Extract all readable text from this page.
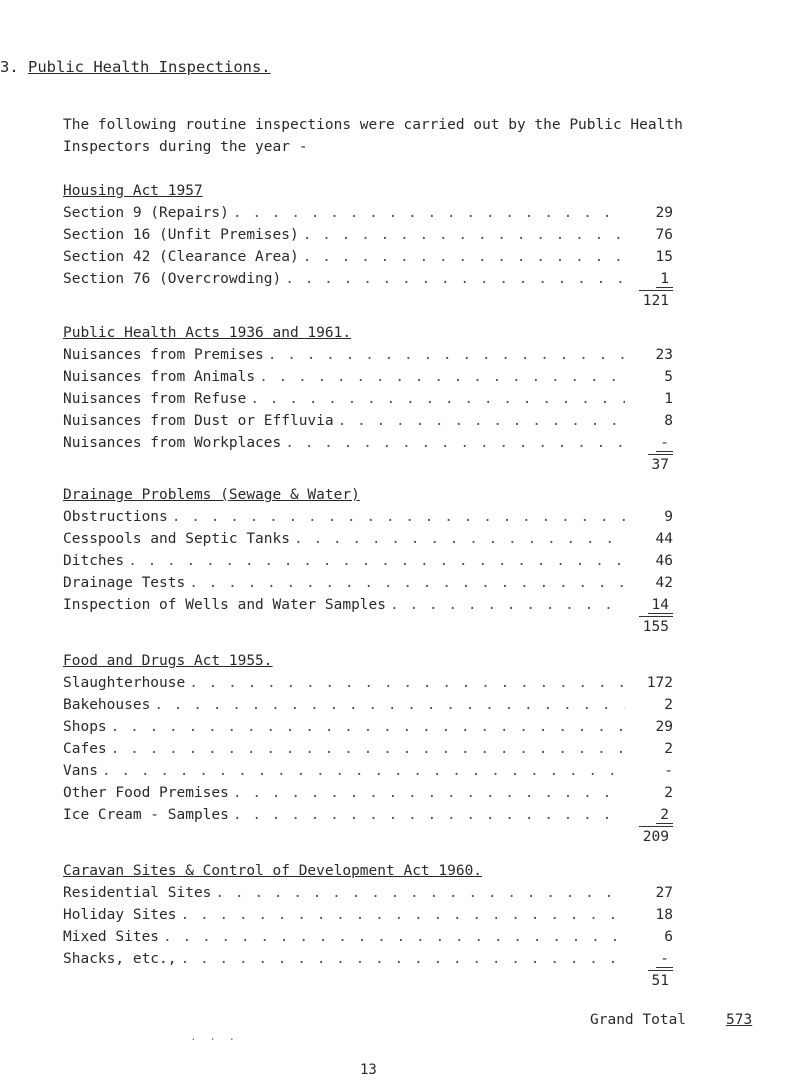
3. Public Health Inspections.
The following routine inspections were carried out by the Public Health Inspectors during the year -
Housing Act 1957
Section 9 (Repairs) . . .	29
Section 16 (Unfit Premises) . . .	76
Section 42 (Clearance Area) . . .	15
Section 76 (Overcrowding) . . .	1
121
Public Health Acts 1936 and 1961.
Nuisances from Premises . . .	23
Nuisances from Animals . . .	5
Nuisances from Refuse . . .	1
Nuisances from Dust or Effluvia . . .	8
Nuisances from Workplaces . . .	-
37
Drainage Problems (Sewage & Water)
Obstructions . . .	9
Cesspools and Septic Tanks . . .	44
Ditches . . .	46
Drainage Tests . . .	42
Inspection of Wells and Water Samples . . .	14
155
Food and Drugs Act 1955.
Slaughterhouse . . .	172
Bakehouses . . .	2
Shops . . .	29
Cafes . . .	2
Vans . . .	-
Other Food Premises . . .	2
Ice Cream - Samples . . .	2
209
Caravan Sites & Control of Development Act 1960.
Residential Sites . . .	27
Holiday Sites . . .	18
Mixed Sites . . .	6
Shacks, etc., . . .	-
51
Grand Total	573
· · ·
13
